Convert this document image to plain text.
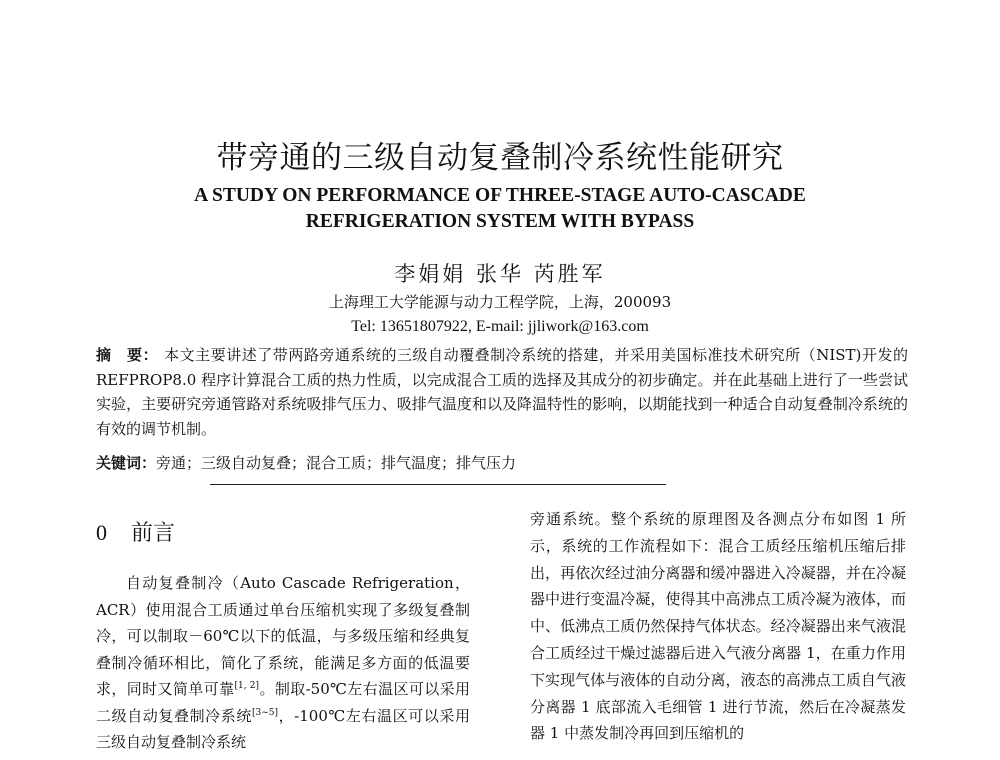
带旁通的三级自动复叠制冷系统性能研究
A STUDY ON PERFORMANCE OF THREE-STAGE AUTO-CASCADE
REFRIGERATION SYSTEM WITH BYPASS
李娟娟 张华 芮胜军
上海理工大学能源与动力工程学院，上海，200093
Tel: 13651807922, E-mail: jjliwork@163.com
摘　要： 本文主要讲述了带两路旁通系统的三级自动覆叠制冷系统的搭建，并采用美国标准技术研究所（NIST)开发的 REFPROP8.0 程序计算混合工质的热力性质，以完成混合工质的选择及其成分的初步确定。并在此基础上进行了一些尝试实验，主要研究旁通管路对系统吸排气压力、吸排气温度和以及降温特性的影响，以期能找到一种适合自动复叠制冷系统的有效的调节机制。
关键词：旁通；三级自动复叠；混合工质；排气温度；排气压力
0 前言
自动复叠制冷（Auto Cascade Refrigeration，ACR）使用混合工质通过单台压缩机实现了多级复叠制冷，可以制取－60℃以下的低温，与多级压缩和经典复叠制冷循环相比，简化了系统，能满足多方面的低温要求，同时又简单可靠[1, 2]。制取-50℃左右温区可以采用二级自动复叠制冷系统[3~5]，-100℃左右温区可以采用三级自动复叠制冷系统
旁通系统。整个系统的原理图及各测点分布如图 1 所示，系统的工作流程如下：混合工质经压缩机压缩后排出，再依次经过油分离器和缓冲器进入冷凝器，并在冷凝器中进行变温冷凝，使得其中高沸点工质冷凝为液体，而中、低沸点工质仍然保持气体状态。经冷凝器出来气液混合工质经过干燥过滤器后进入气液分离器 1，在重力作用下实现气体与液体的自动分离，液态的高沸点工质自气液分离器 1 底部流入毛细管 1 进行节流，然后在冷凝蒸发器 1 中蒸发制冷再回到压缩机的
